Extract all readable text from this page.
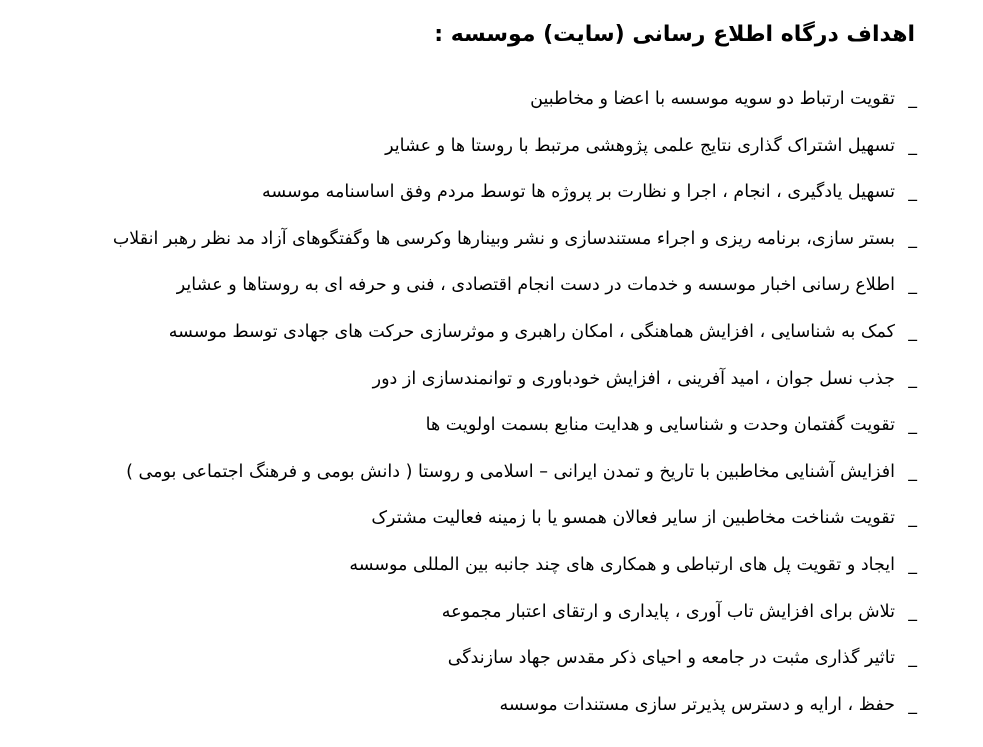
اهداف درگاه اطلاع رسانی (سایت) موسسه :
_
تقویت ارتباط دو سویه موسسه با اعضا و مخاطبین
_
تسهیل اشتراک گذاری نتایج علمی پژوهشی مرتبط با روستا ها و عشایر
_
تسهیل یادگیری ، انجام ، اجرا و نظارت بر پروژه ها توسط مردم وفق اساسنامه موسسه
_
بستر سازی، برنامه ریزی و اجراء مستندسازی و نشر وبینارها وکرسی ها وگفتگوهای آزاد مد نظر رهبر انقلاب
_
اطلاع رسانی اخبار موسسه و خدمات در دست انجام اقتصادی ، فنی و حرفه ای به روستاها و عشایر
_
کمک به شناسایی ، افزایش هماهنگی ، امکان راهبری و موثرسازی حرکت های جهادی توسط موسسه
_
جذب نسل جوان ، امید آفرینی ، افزایش خودباوری و توانمندسازی از دور
_
تقویت گفتمان وحدت و شناسایی و هدایت منابع بسمت اولویت ها
_
افزایش آشنایی مخاطبین با تاریخ و تمدن ایرانی – اسلامی و روستا ( دانش بومی و فرهنگ اجتماعی بومی )
_
تقویت شناخت مخاطبین از سایر فعالان همسو یا با زمینه فعالیت مشترک
_
ایجاد و تقویت پل های ارتباطی و همکاری های چند جانبه بین المللی موسسه
_
تلاش برای افزایش تاب آوری ، پایداری و ارتقای اعتبار مجموعه
_
تاثیر گذاری مثبت در جامعه و احیای ذکر مقدس جهاد سازندگی
_
حفظ ، ارایه و دسترس پذیرتر سازی مستندات موسسه
